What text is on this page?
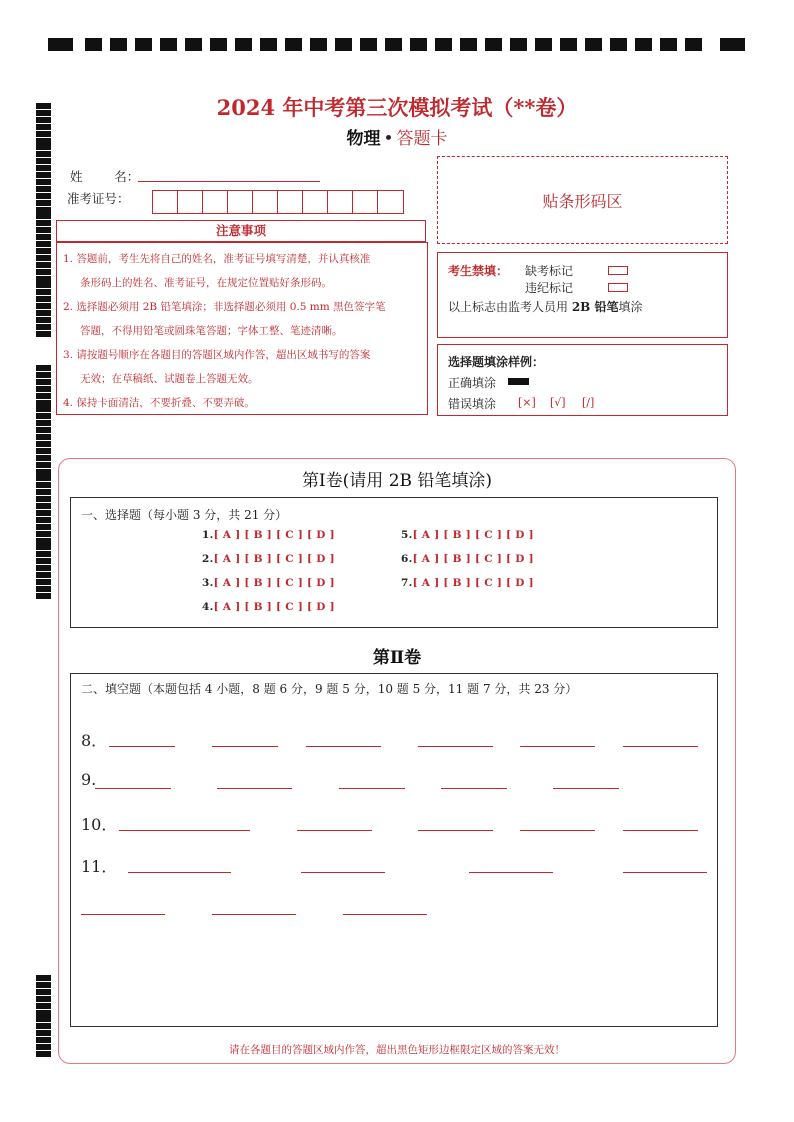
2024 年中考第三次模拟考试（**卷）
物理 • 答题卡
姓        名：
准考证号：	贴条形码区
注意事项
1. 答题前，考生先将自己的姓名，准考证号填写清楚，并认真核准
条形码上的姓名、准考证号，在规定位置贴好条形码。
2. 选择题必须用 2B 铅笔填涂；非选择题必须用 0.5 mm 黑色签字笔
答题，不得用铅笔或圆珠笔答题；字体工整、笔迹清晰。
3. 请按题号顺序在各题目的答题区域内作答，超出区域书写的答案
无效；在草稿纸、试题卷上答题无效。
4. 保持卡面清洁，不要折叠、不要弄破。
考生禁填： 缺考标记
违纪标记
以上标志由监考人员用 2B 铅笔填涂
选择题填涂样例：
正确填涂
错误填涂 [×] [√] [/]
第Ⅰ卷(请用 2B 铅笔填涂)
一、选择题（每小题 3 分，共 21 分）
1.[ A ] [ B ] [ C ] [ D ]
2.[ A ] [ B ] [ C ] [ D ]
3.[ A ] [ B ] [ C ] [ D ]
4.[ A ] [ B ] [ C ] [ D ]
5.[ A ] [ B ] [ C ] [ D ]
6.[ A ] [ B ] [ C ] [ D ]
7.[ A ] [ B ] [ C ] [ D ]
第Ⅱ卷
二、填空题（本题包括 4 小题，8 题 6 分，9 题 5 分，10 题 5 分，11 题 7 分，共 23 分）
8．
9.
10．
11．
请在各题目的答题区域内作答，超出黑色矩形边框限定区域的答案无效！
